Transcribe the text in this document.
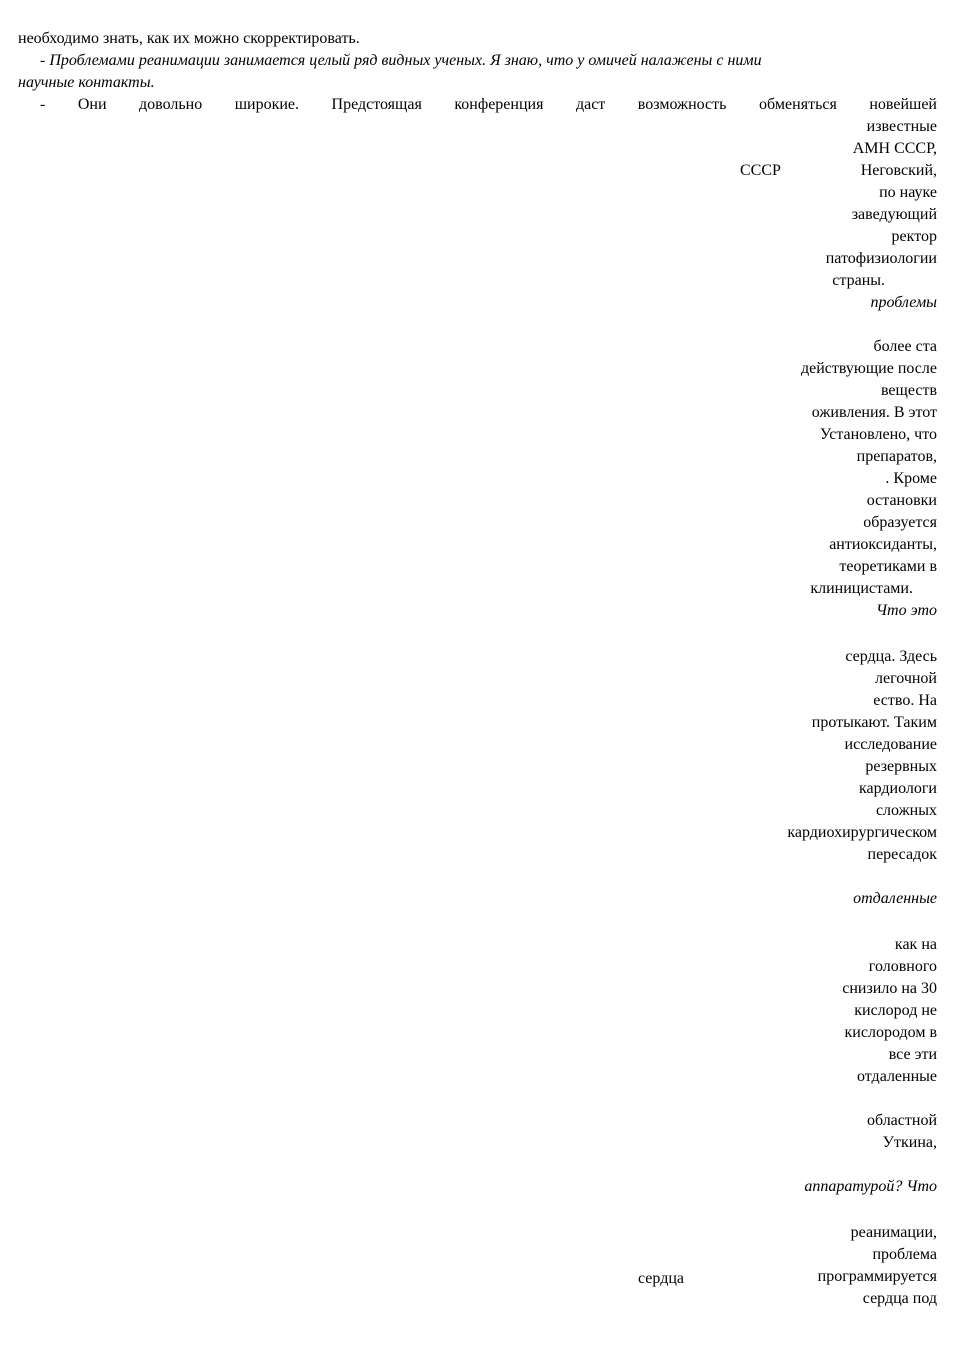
необходимо знать, как их можно скорректировать.
- Проблемами реанимации занимается целый ряд видных ученых. Я знаю, что у омичей налажены с ними
научные контакты.
- Они довольно широкие. Предстоящая конференция даст возможность обменяться новейшей
СССР
сердца
известные
АМН СССР,
Неговский,
по науке
заведующий
ректор
патофизиологии
страны.
проблемы
более ста
действующие после
веществ
оживления. В этот
Установлено, что
препаратов,
. Кроме
остановки
образуется
антиоксиданты,
теоретиками в
клиницистами.
Что это
сердца. Здесь
легочной
ество. На
протыкают. Таким
исследование
резервных
кардиологи
сложных
кардиохирургическом
пересадок
отдаленные
как на
головного
снизило на 30
кислород не
кислородом в
все эти
отдаленные
областной
Уткина,
аппаратурой? Что
реанимации,
проблема
программируется
сердца под
